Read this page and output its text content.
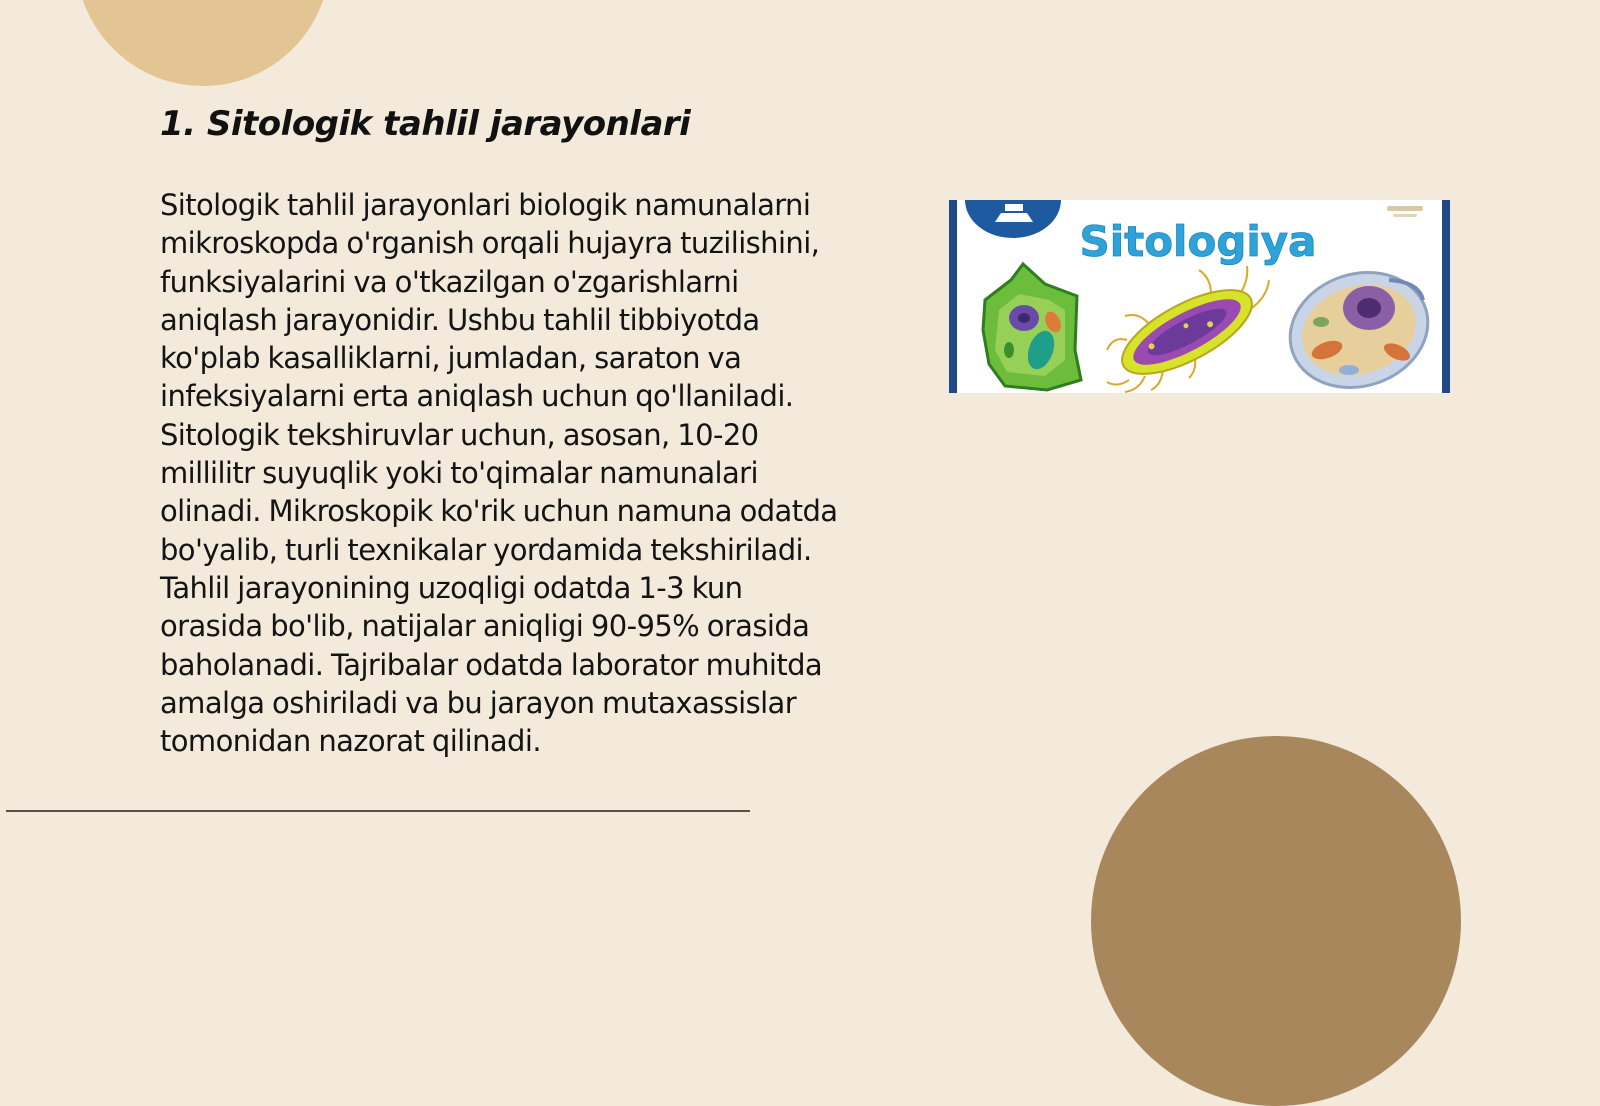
1. Sitologik tahlil jarayonlari

Sitologik tahlil jarayonlari biologik namunalarni mikroskopda o'rganish orqali hujayra tuzilishini, funksiyalarini va o'tkazilgan o'zgarishlarni aniqlash jarayonidir. Ushbu tahlil tibbiyotda ko'plab kasalliklarni, jumladan, saraton va infeksiyalarni erta aniqlash uchun qo'llaniladi. Sitologik tekshiruvlar uchun, asosan, 10-20 millilitr suyuqlik yoki to'qimalar namunalari olinadi. Mikroskopik ko'rik uchun namuna odatda bo'yalib, turli texnikalar yordamida tekshiriladi. Tahlil jarayonining uzoqligi odatda 1-3 kun orasida bo'lib, natijalar aniqligi 90-95% orasida baholanadi. Tajribalar odatda laborator muhitda amalga oshiriladi va bu jarayon mutaxassislar tomonidan nazorat qilinadi.

Sitologiya
